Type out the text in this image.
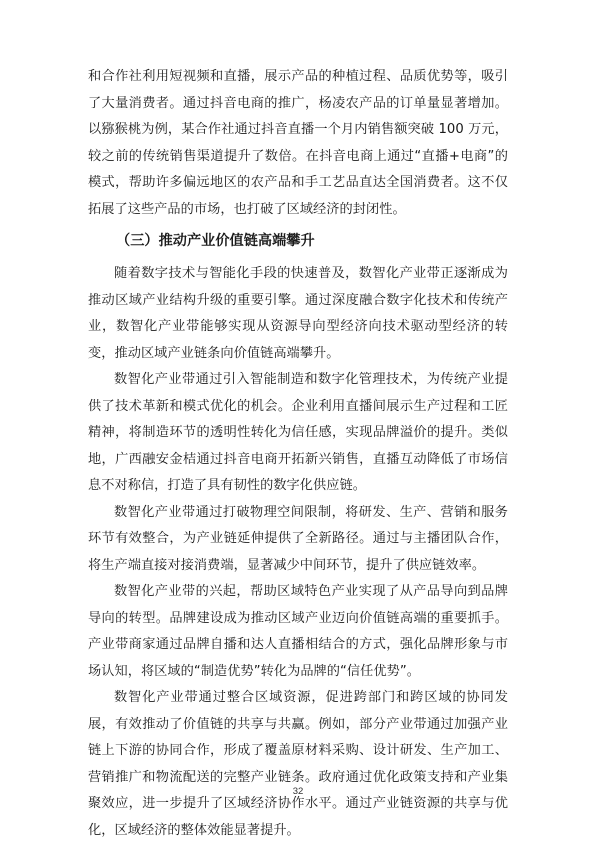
和合作社利用短视频和直播，展示产品的种植过程、品质优势等，吸引了大量消费者。通过抖音电商的推广，杨凌农产品的订单量显著增加。以猕猴桃为例，某合作社通过抖音直播一个月内销售额突破 100 万元，较之前的传统销售渠道提升了数倍。在抖音电商上通过“直播+电商”的模式，帮助许多偏远地区的农产品和手工艺品直达全国消费者。这不仅拓展了这些产品的市场，也打破了区域经济的封闭性。

（三）推动产业价值链高端攀升

随着数字技术与智能化手段的快速普及，数智化产业带正逐渐成为推动区域产业结构升级的重要引擎。通过深度融合数字化技术和传统产业，数智化产业带能够实现从资源导向型经济向技术驱动型经济的转变，推动区域产业链条向价值链高端攀升。

数智化产业带通过引入智能制造和数字化管理技术，为传统产业提供了技术革新和模式优化的机会。企业利用直播间展示生产过程和工匠精神，将制造环节的透明性转化为信任感，实现品牌溢价的提升。类似地，广西融安金桔通过抖音电商开拓新兴销售，直播互动降低了市场信息不对称信，打造了具有韧性的数字化供应链。

数智化产业带通过打破物理空间限制，将研发、生产、营销和服务环节有效整合，为产业链延伸提供了全新路径。通过与主播团队合作，将生产端直接对接消费端，显著减少中间环节，提升了供应链效率。

数智化产业带的兴起，帮助区域特色产业实现了从产品导向到品牌导向的转型。品牌建设成为推动区域产业迈向价值链高端的重要抓手。产业带商家通过品牌自播和达人直播相结合的方式，强化品牌形象与市场认知，将区域的“制造优势”转化为品牌的“信任优势”。

数智化产业带通过整合区域资源，促进跨部门和跨区域的协同发展，有效推动了价值链的共享与共赢。例如，部分产业带通过加强产业链上下游的协同合作，形成了覆盖原材料采购、设计研发、生产加工、营销推广和物流配送的完整产业链条。政府通过优化政策支持和产业集聚效应，进一步提升了区域经济协作水平。通过产业链资源的共享与优化，区域经济的整体效能显著提升。

32
